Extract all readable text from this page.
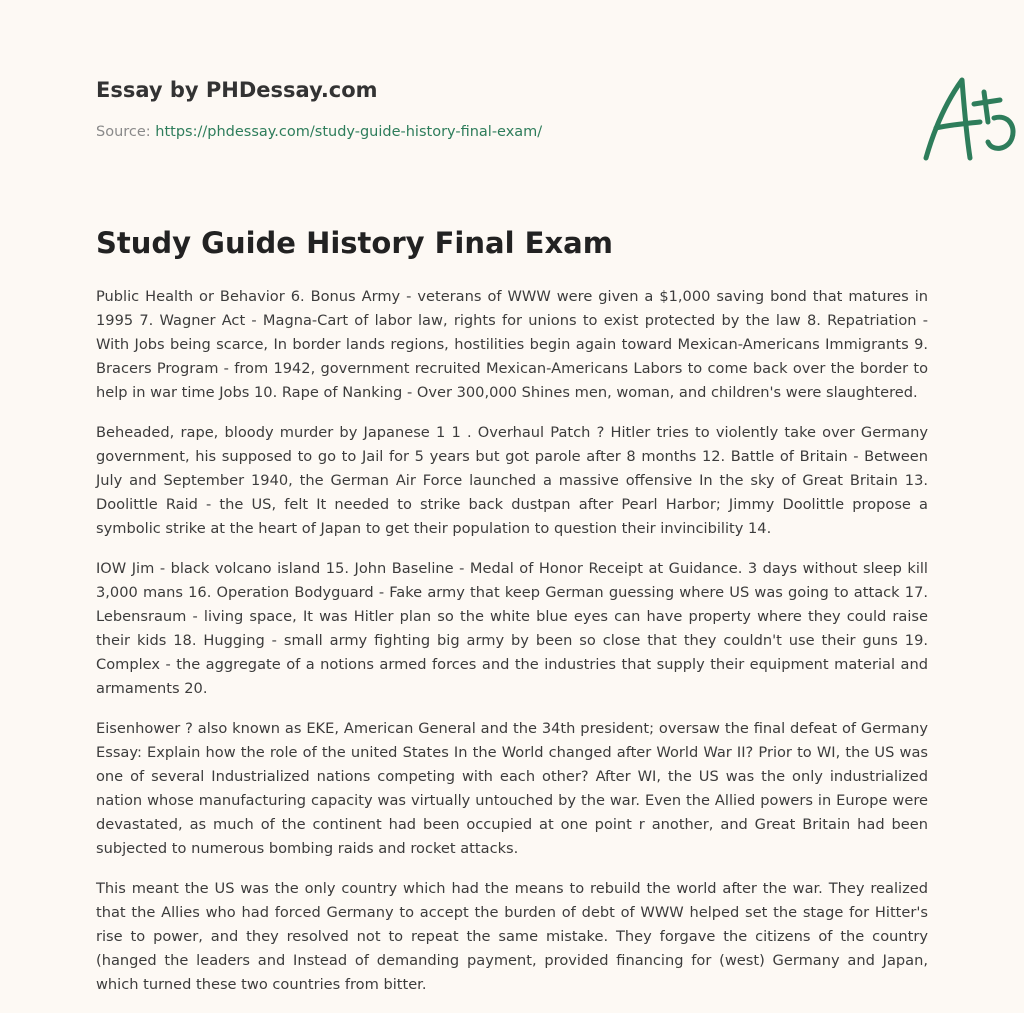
Essay by PHDessay.com
Source: https://phdessay.com/study-guide-history-final-exam/
Study Guide History Final Exam

Public Health or Behavior 6. Bonus Army - veterans of WWW were given a $1,000 saving bond that matures in 1995 7. Wagner Act - Magna-Cart of labor law, rights for unions to exist protected by the law 8. Repatriation - With Jobs being scarce, In border lands regions, hostilities begin again toward Mexican-Americans Immigrants 9. Bracers Program - from 1942, government recruited Mexican-Americans Labors to come back over the border to help in war time Jobs 10. Rape of Nanking - Over 300,000 Shines men, woman, and children's were slaughtered.

Beheaded, rape, bloody murder by Japanese 1 1 . Overhaul Patch ? Hitler tries to violently take over Germany government, his supposed to go to Jail for 5 years but got parole after 8 months 12. Battle of Britain - Between July and September 1940, the German Air Force launched a massive offensive In the sky of Great Britain 13. Doolittle Raid - the US, felt It needed to strike back dustpan after Pearl Harbor; Jimmy Doolittle propose a symbolic strike at the heart of Japan to get their population to question their invincibility 14.

IOW Jim - black volcano island 15. John Baseline - Medal of Honor Receipt at Guidance. 3 days without sleep kill 3,000 mans 16. Operation Bodyguard - Fake army that keep German guessing where US was going to attack 17. Lebensraum - living space, It was Hitler plan so the white blue eyes can have property where they could raise their kids 18. Hugging - small army fighting big army by been so close that they couldn't use their guns 19. Complex - the aggregate of a notions armed forces and the industries that supply their equipment material and armaments 20.

Eisenhower ? also known as EKE, American General and the 34th president; oversaw the final defeat of Germany Essay: Explain how the role of the united States In the World changed after World War II? Prior to WI, the US was one of several Industrialized nations competing with each other? After WI, the US was the only industrialized nation whose manufacturing capacity was virtually untouched by the war. Even the Allied powers in Europe were devastated, as much of the continent had been occupied at one point r another, and Great Britain had been subjected to numerous bombing raids and rocket attacks.

This meant the US was the only country which had the means to rebuild the world after the war. They realized that the Allies who had forced Germany to accept the burden of debt of WWW helped set the stage for Hitter's rise to power, and they resolved not to repeat the same mistake. They forgave the citizens of the country (hanged the leaders and Instead of demanding payment, provided financing for (west) Germany and Japan, which turned these two countries from bitter.
